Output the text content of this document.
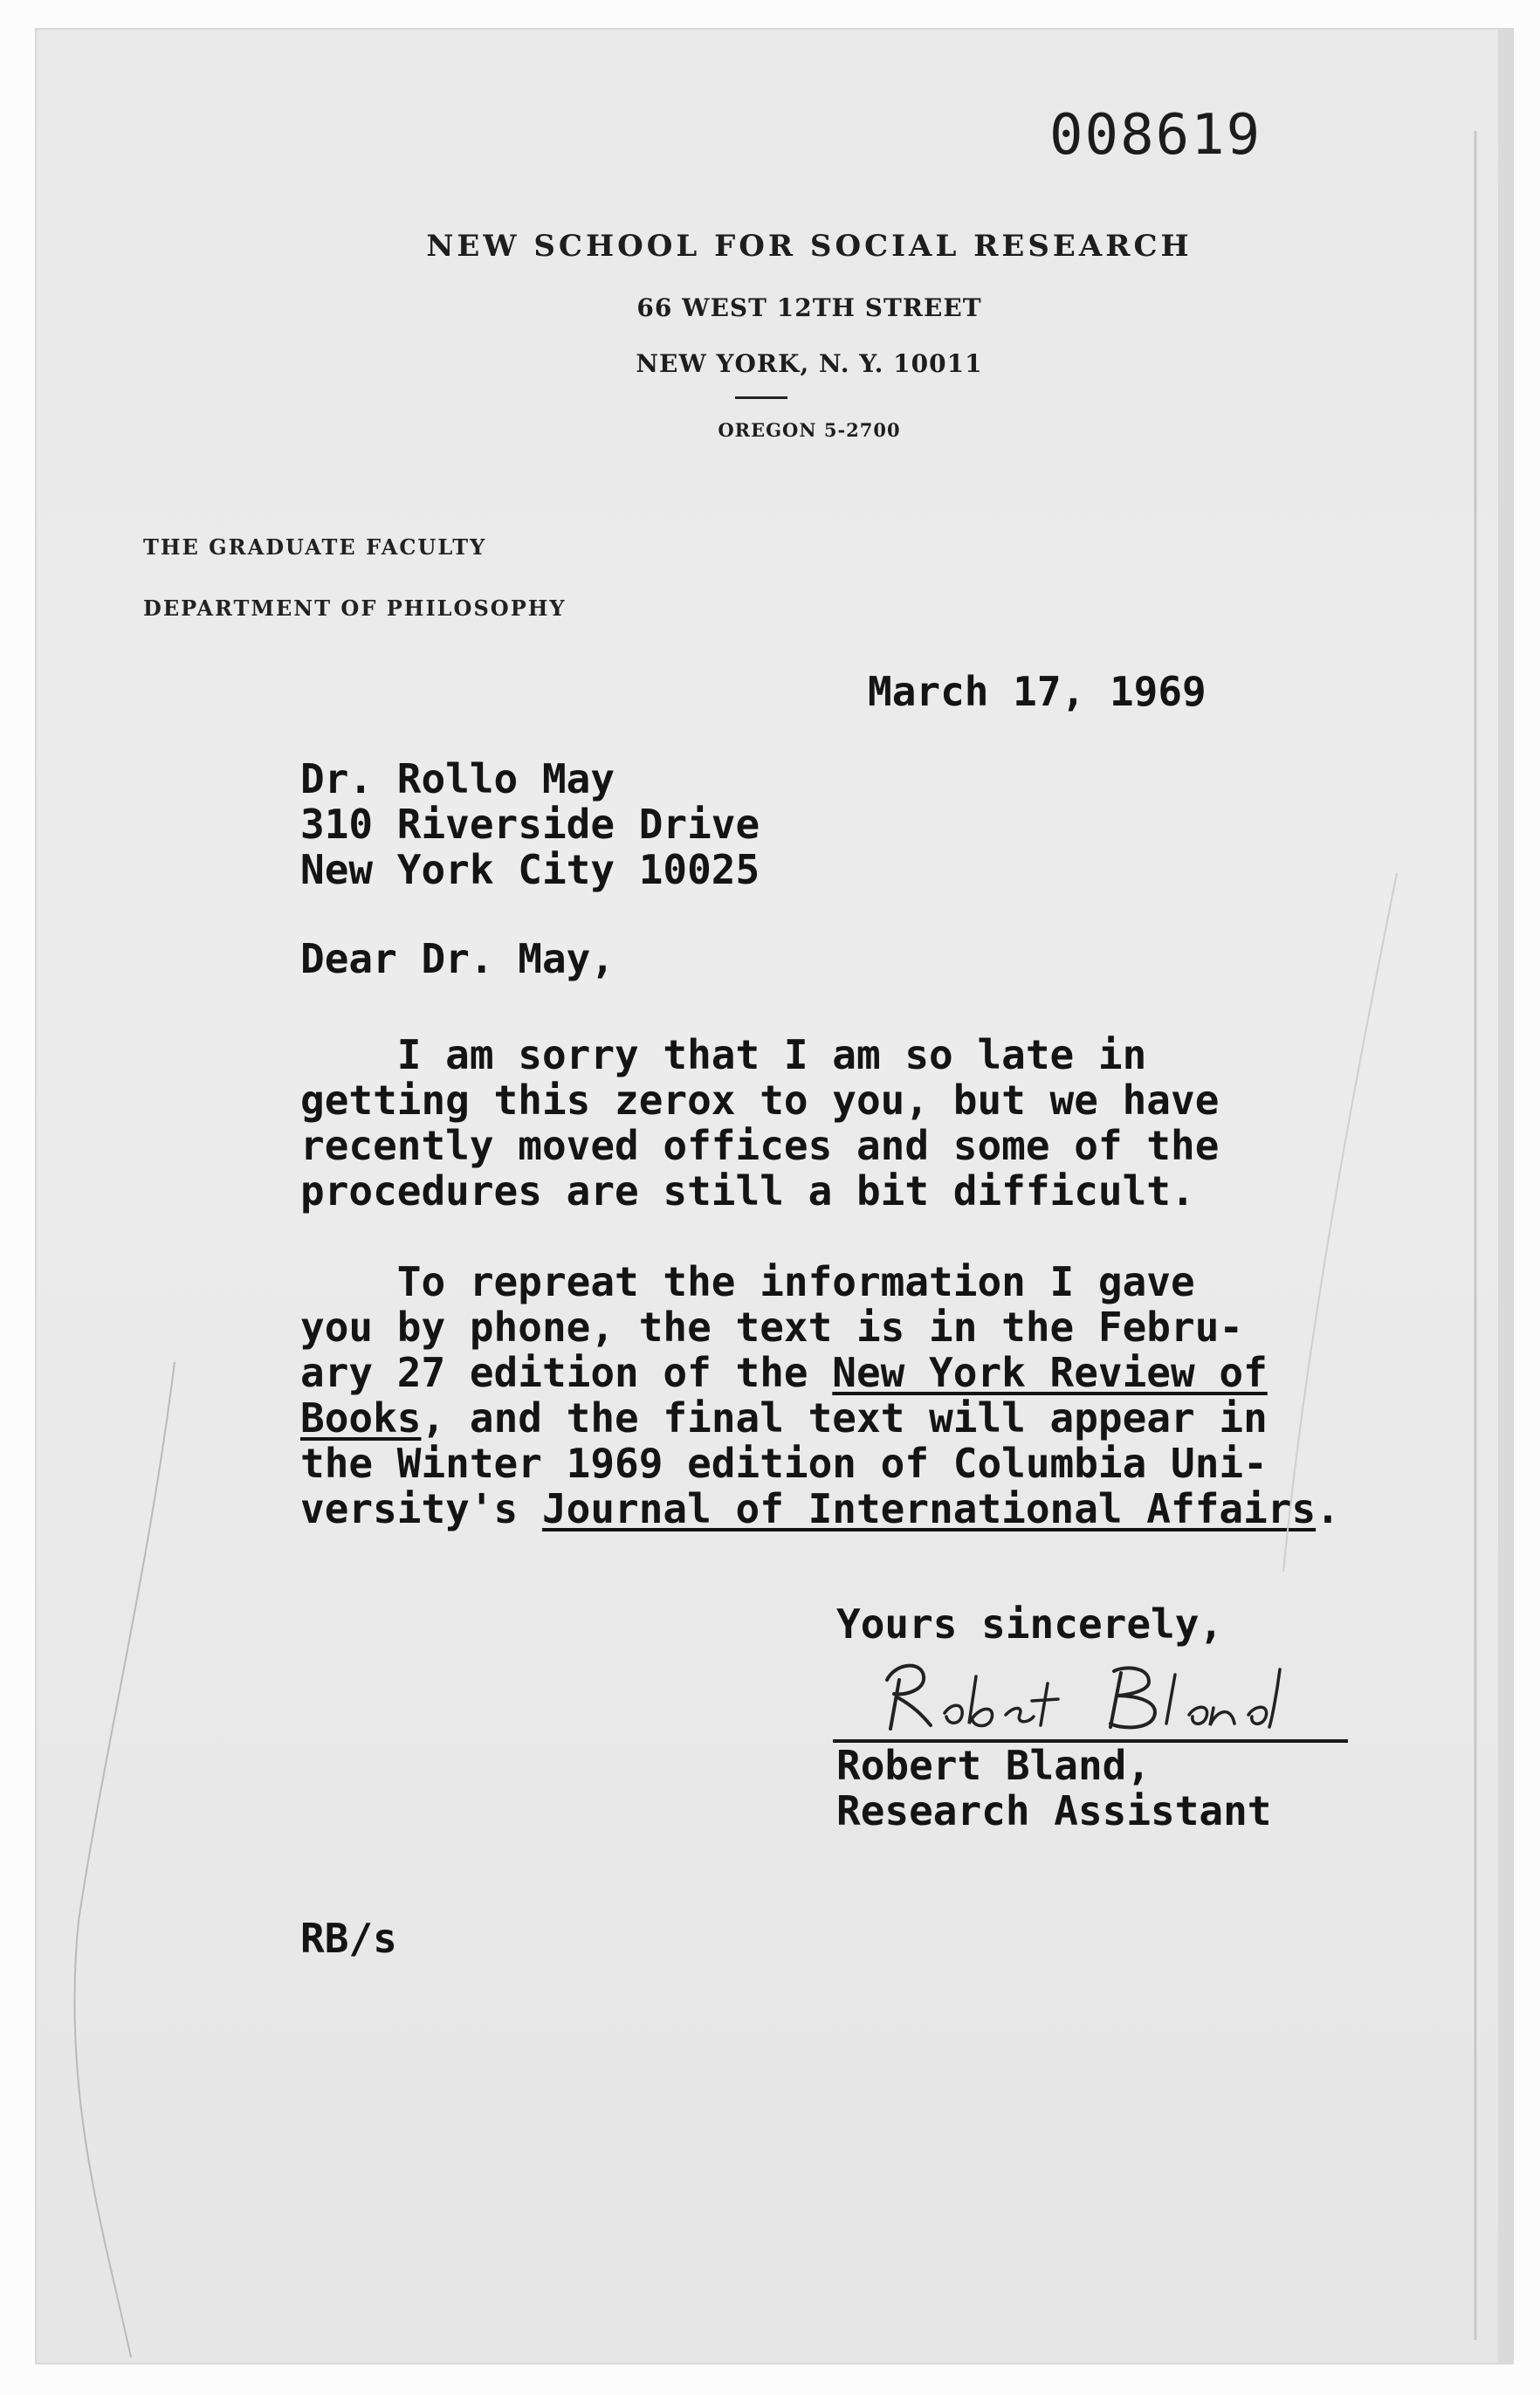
008619
NEW SCHOOL FOR SOCIAL RESEARCH
66 WEST 12TH STREET
NEW YORK, N. Y. 10011
OREGON 5-2700
THE GRADUATE FACULTY
DEPARTMENT OF PHILOSOPHY
March 17, 1969
Dr. Rollo May
310 Riverside Drive
New York City 10025
Dear Dr. May,
I am sorry that I am so late in
getting this zerox to you, but we have
recently moved offices and some of the
procedures are still a bit difficult.
To repreat the information I gave
you by phone, the text is in the Febru-
ary 27 edition of the New York Review of
Books, and the final text will appear in
the Winter 1969 edition of Columbia Uni-
versity's Journal of International Affairs.
Yours sincerely,
Robert Bland,
Research Assistant
RB/s
